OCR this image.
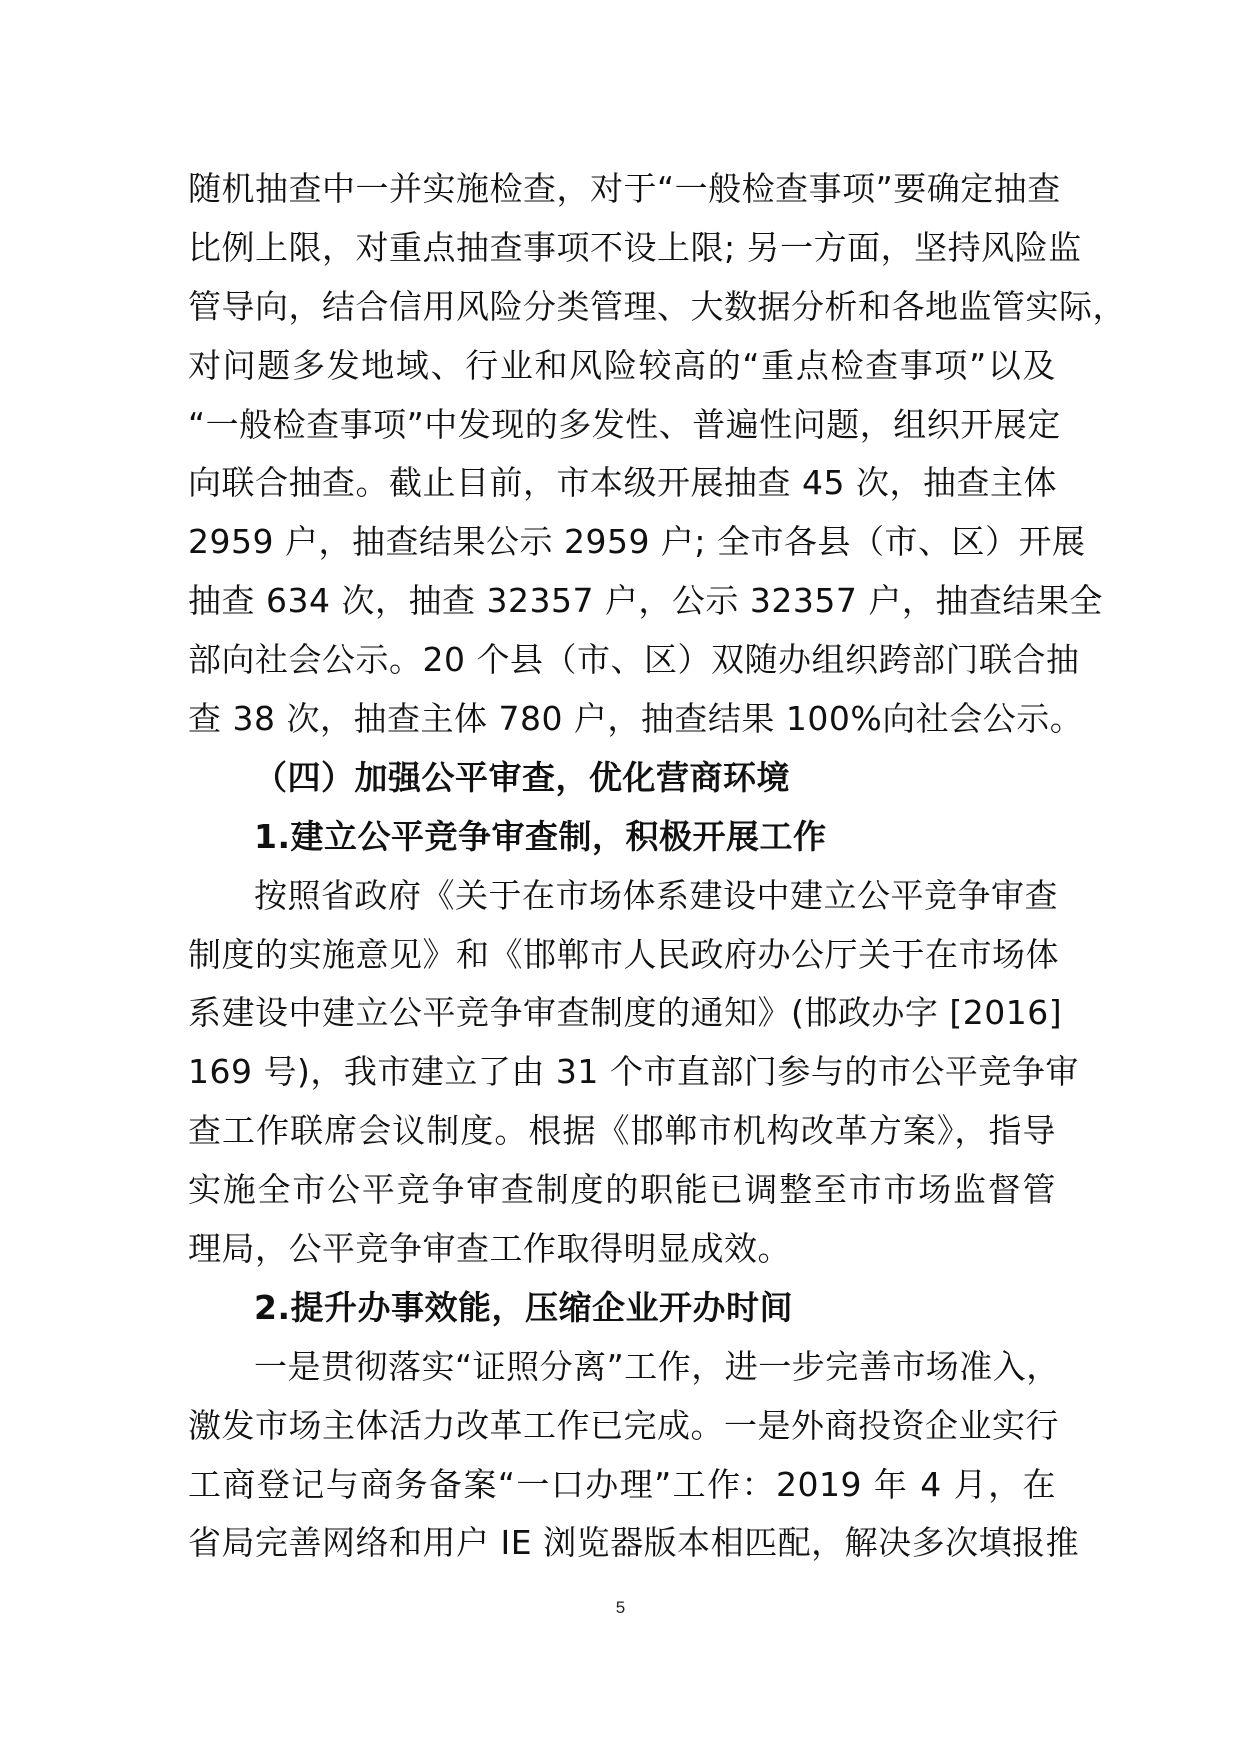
随机抽查中一并实施检查，对于“一般检查事项”要确定抽查
比例上限，对重点抽查事项不设上限; 另一方面，坚持风险监
管导向，结合信用风险分类管理、大数据分析和各地监管实际，
对问题多发地域、行业和风险较高的“重点检查事项”以及
“一般检查事项”中发现的多发性、普遍性问题，组织开展定
向联合抽查。截止目前，市本级开展抽查 45 次，抽查主体
2959 户，抽查结果公示 2959 户; 全市各县（市、区）开展
抽查 634 次，抽查 32357 户，公示 32357 户，抽查结果全
部向社会公示。20 个县（市、区）双随办组织跨部门联合抽
查 38 次，抽查主体 780 户，抽查结果 100%向社会公示。
（四）加强公平审查，优化营商环境
1.建立公平竞争审查制，积极开展工作
按照省政府《关于在市场体系建设中建立公平竞争审查
制度的实施意见》和《邯郸市人民政府办公厅关于在市场体
系建设中建立公平竞争审查制度的通知》(邯政办字 [2016]
169 号)，我市建立了由 31 个市直部门参与的市公平竞争审
查工作联席会议制度。根据《邯郸市机构改革方案》，指导
实施全市公平竞争审查制度的职能已调整至市市场监督管
理局，公平竞争审查工作取得明显成效。
2.提升办事效能，压缩企业开办时间
一是贯彻落实“证照分离”工作，进一步完善市场准入，
激发市场主体活力改革工作已完成。一是外商投资企业实行
工商登记与商务备案“一口办理”工作：2019 年 4 月，在
省局完善网络和用户 IE 浏览器版本相匹配，解决多次填报推
5
